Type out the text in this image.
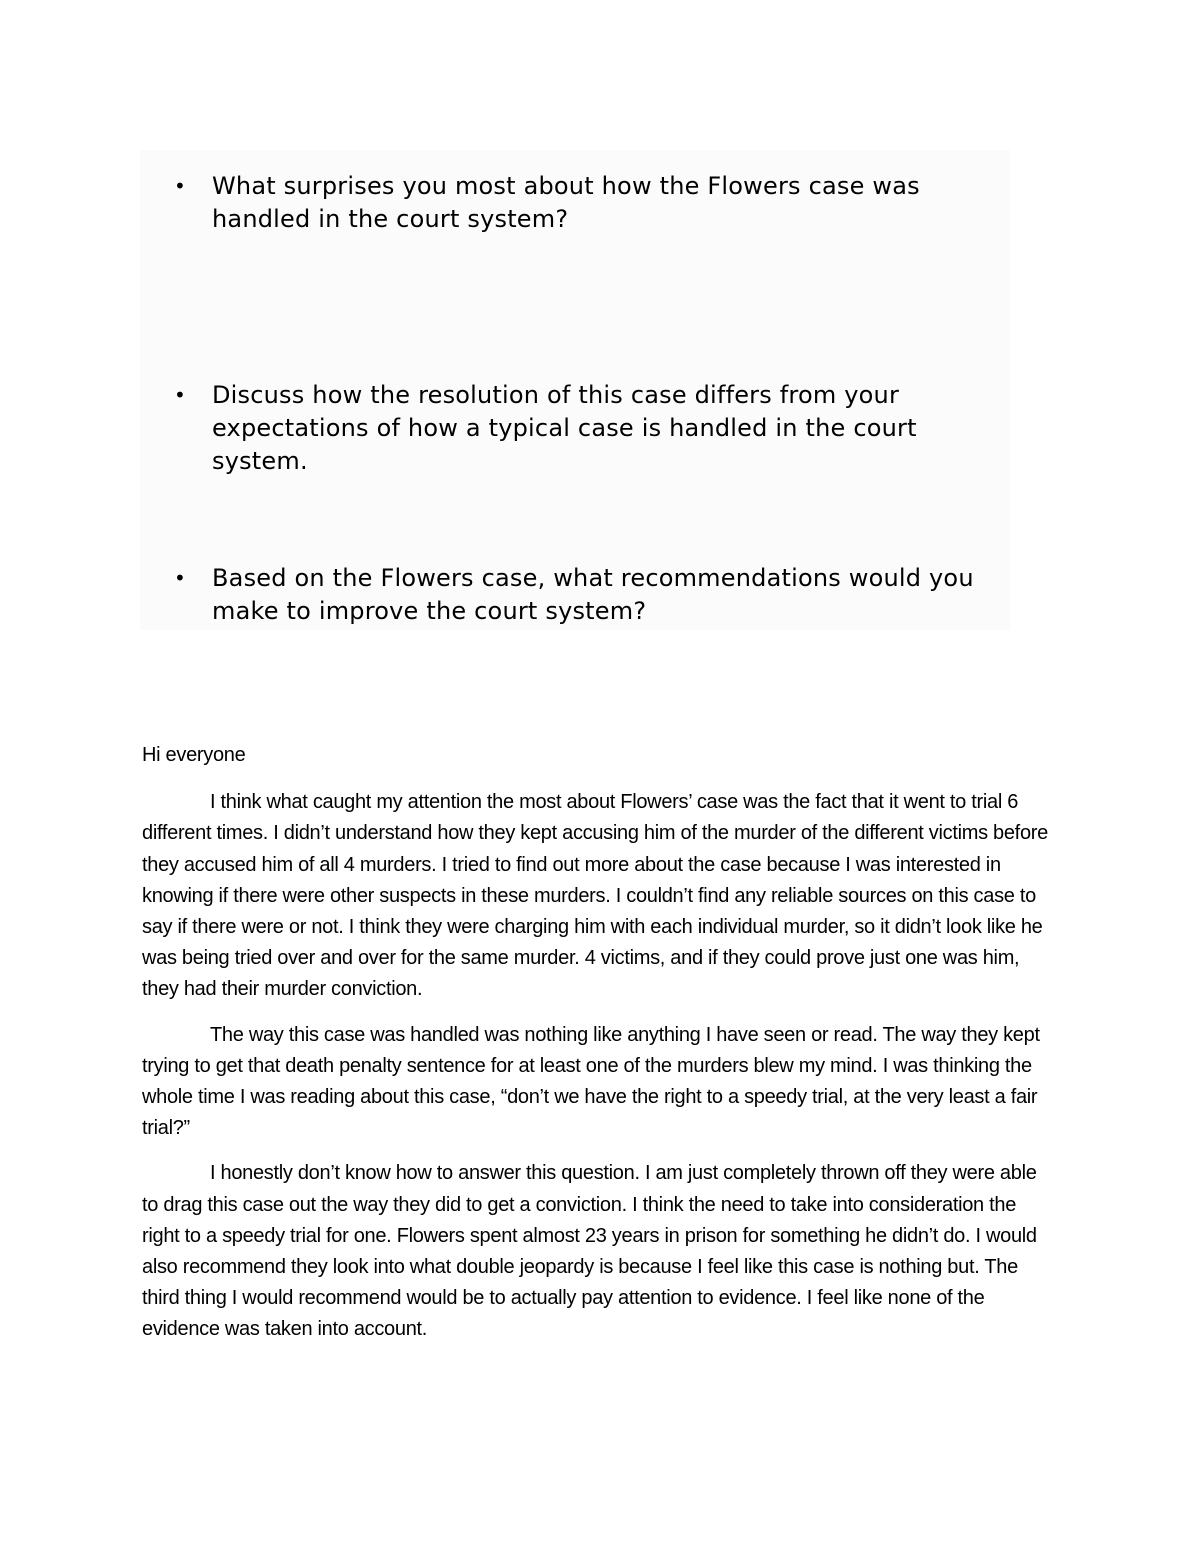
• What surprises you most about how the Flowers case was handled in the court system?
• Discuss how the resolution of this case differs from your expectations of how a typical case is handled in the court system.
• Based on the Flowers case, what recommendations would you make to improve the court system?

Hi everyone

I think what caught my attention the most about Flowers’ case was the fact that it went to trial 6 different times. I didn’t understand how they kept accusing him of the murder of the different victims before they accused him of all 4 murders. I tried to find out more about the case because I was interested in knowing if there were other suspects in these murders. I couldn’t find any reliable sources on this case to say if there were or not. I think they were charging him with each individual murder, so it didn’t look like he was being tried over and over for the same murder. 4 victims, and if they could prove just one was him, they had their murder conviction.

The way this case was handled was nothing like anything I have seen or read. The way they kept trying to get that death penalty sentence for at least one of the murders blew my mind. I was thinking the whole time I was reading about this case, “don’t we have the right to a speedy trial, at the very least a fair trial?”

I honestly don’t know how to answer this question. I am just completely thrown off they were able to drag this case out the way they did to get a conviction. I think the need to take into consideration the right to a speedy trial for one. Flowers spent almost 23 years in prison for something he didn’t do. I would also recommend they look into what double jeopardy is because I feel like this case is nothing but. The third thing I would recommend would be to actually pay attention to evidence. I feel like none of the evidence was taken into account.
